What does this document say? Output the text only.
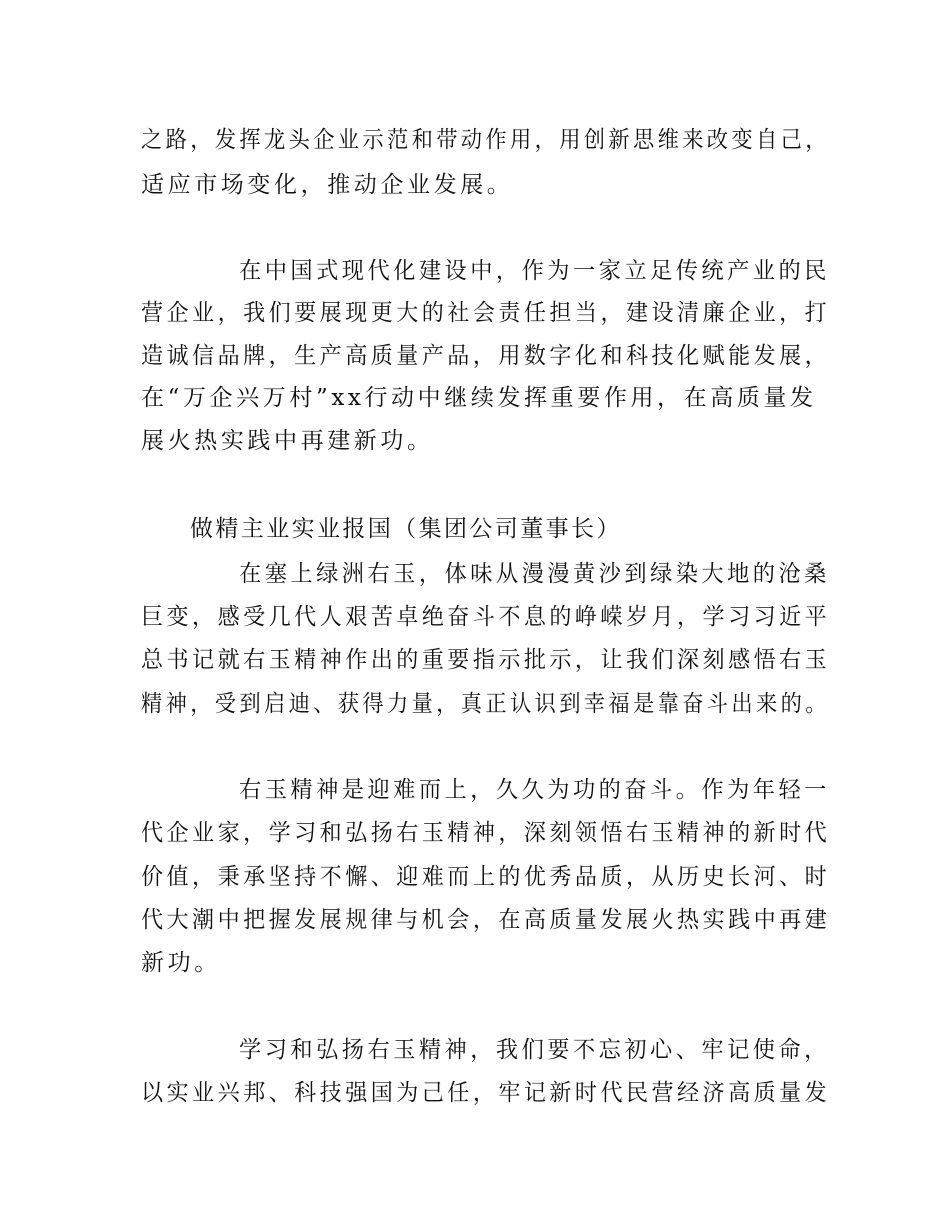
之路，发挥龙头企业示范和带动作用，用创新思维来改变自己，
适应市场变化，推动企业发展。
在中国式现代化建设中，作为一家立足传统产业的民
营企业，我们要展现更大的社会责任担当，建设清廉企业，打
造诚信品牌，生产高质量产品，用数字化和科技化赋能发展，
在“万企兴万村”xx行动中继续发挥重要作用，在高质量发
展火热实践中再建新功。
做精主业实业报国（集团公司董事长）
在塞上绿洲右玉，体味从漫漫黄沙到绿染大地的沧桑
巨变，感受几代人艰苦卓绝奋斗不息的峥嵘岁月，学习习近平
总书记就右玉精神作出的重要指示批示，让我们深刻感悟右玉
精神，受到启迪、获得力量，真正认识到幸福是靠奋斗出来的。
右玉精神是迎难而上，久久为功的奋斗。作为年轻一
代企业家，学习和弘扬右玉精神，深刻领悟右玉精神的新时代
价值，秉承坚持不懈、迎难而上的优秀品质，从历史长河、时
代大潮中把握发展规律与机会，在高质量发展火热实践中再建
新功。
学习和弘扬右玉精神，我们要不忘初心、牢记使命，
以实业兴邦、科技强国为己任，牢记新时代民营经济高质量发
